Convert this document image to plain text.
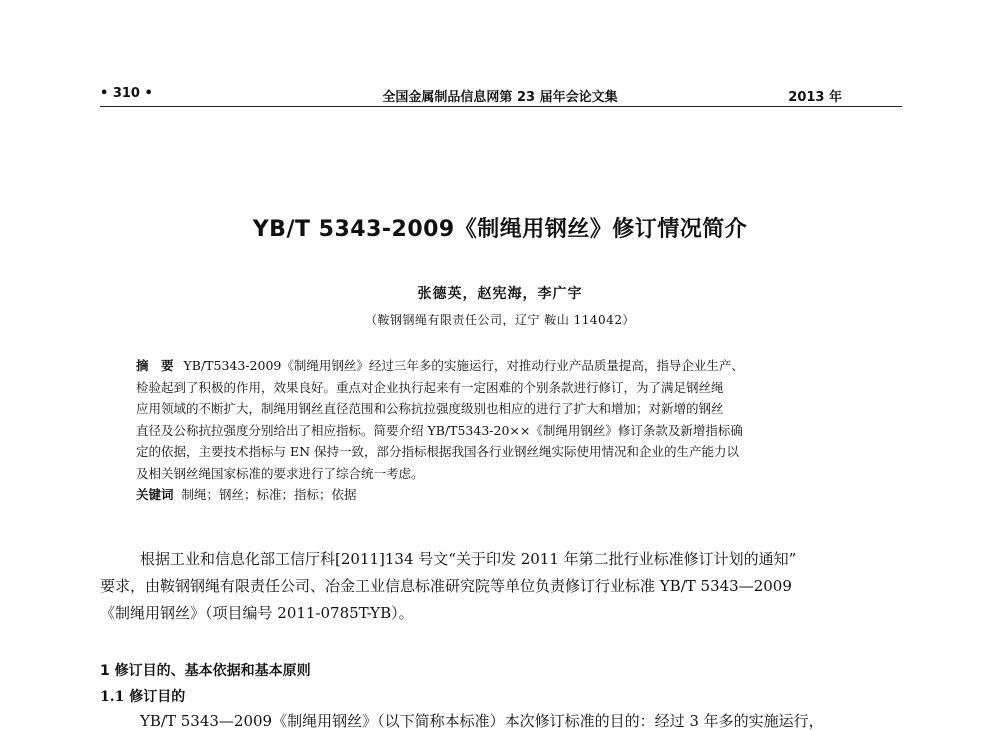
• 310 •	全国金属制品信息网第 23 届年会论文集	2013 年
YB/T 5343-2009《制绳用钢丝》修订情况简介
张德英，赵宪海，李广宇
（鞍钢钢绳有限责任公司，辽宁 鞍山 114042）

摘　要 YB/T5343-2009《制绳用钢丝》经过三年多的实施运行，对推动行业产品质量提高，指导企业生产、

检验起到了积极的作用，效果良好。重点对企业执行起来有一定困难的个别条款进行修订，为了满足钢丝绳

应用领域的不断扩大，制绳用钢丝直径范围和公称抗拉强度级别也相应的进行了扩大和增加；对新增的钢丝

直径及公称抗拉强度分别给出了相应指标。简要介绍 YB/T5343-20××《制绳用钢丝》修订条款及新增指标确

定的依据，主要技术指标与 EN 保持一致，部分指标根据我国各行业钢丝绳实际使用情况和企业的生产能力以

及相关钢丝绳国家标准的要求进行了综合统一考虑。

关键词 制绳；钢丝；标准；指标；依据

根据工业和信息化部工信厅科[2011]134 号文“关于印发 2011 年第二批行业标准修订计划的通知”

要求，由鞍钢钢绳有限责任公司、冶金工业信息标准研究院等单位负责修订行业标准 YB/T 5343—2009

《制绳用钢丝》（项目编号 2011-0785T-YB）。

1 修订目的、基本依据和基本原则
1.1 修订目的
YB/T 5343—2009《制绳用钢丝》（以下简称本标准）本次修订标准的目的：经过 3 年多的实施运行，
